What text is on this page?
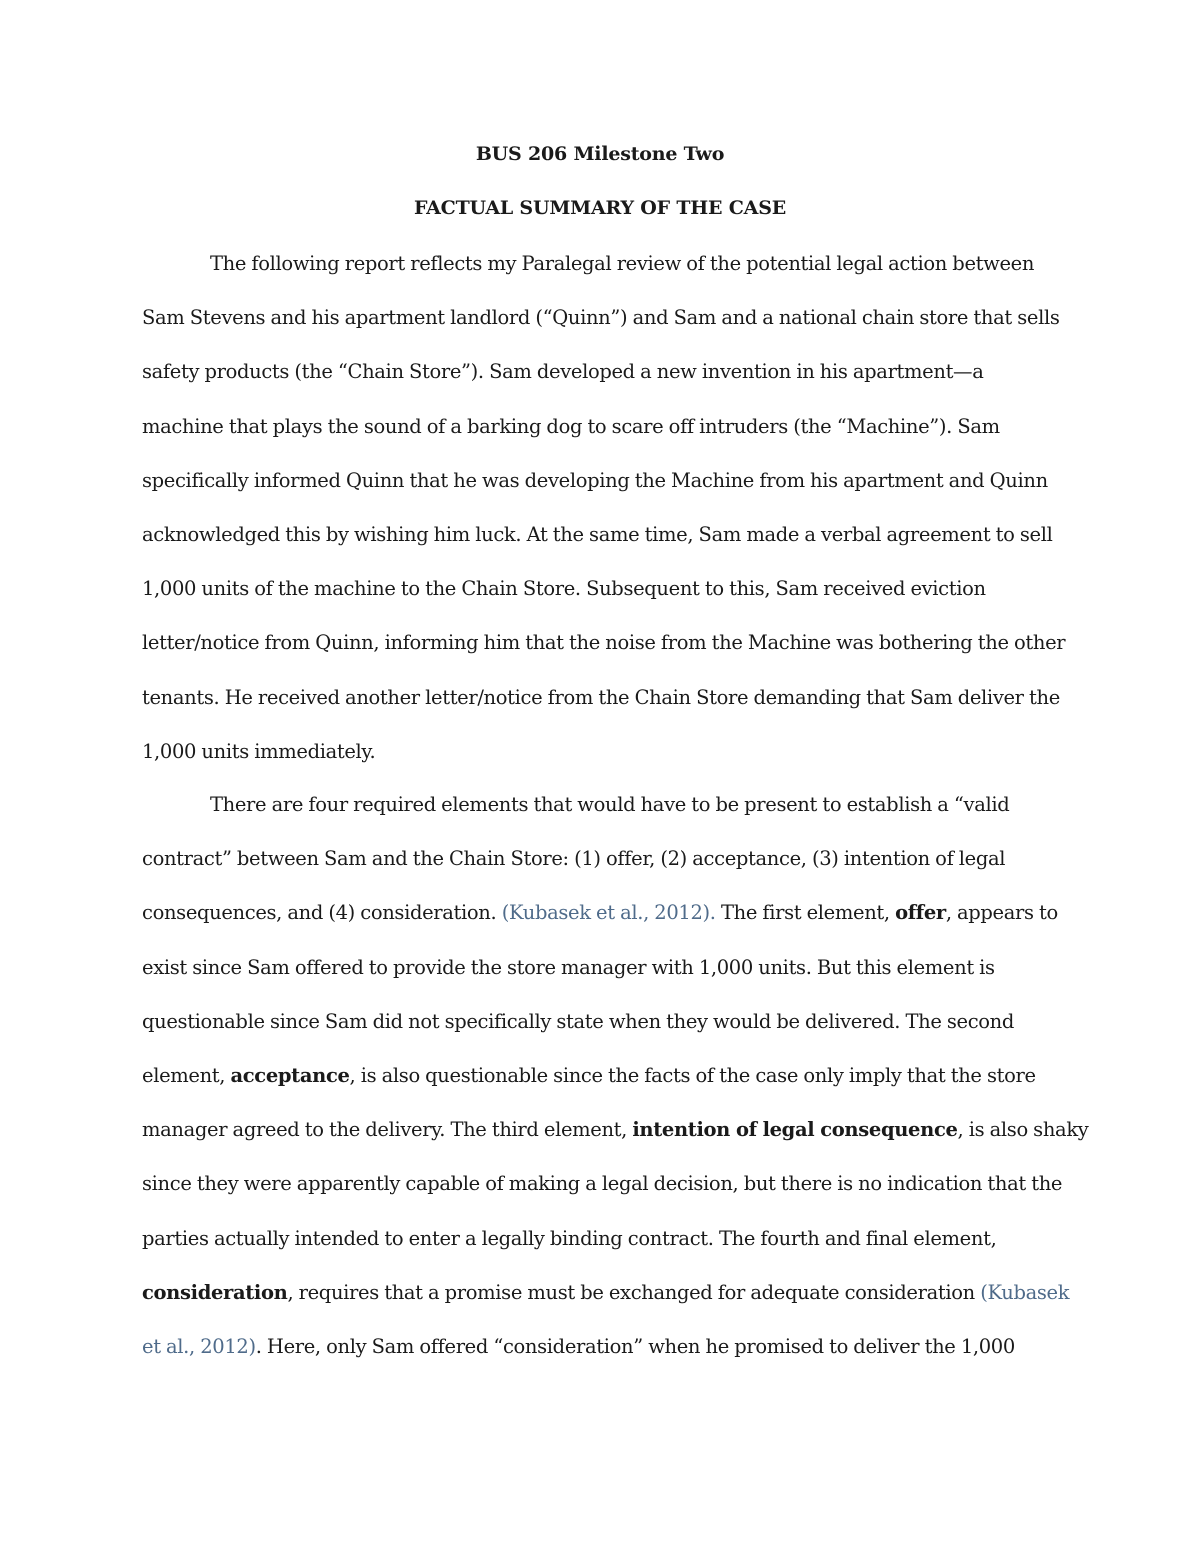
BUS 206 Milestone Two
FACTUAL SUMMARY OF THE CASE
The following report reflects my Paralegal review of the potential legal action between
Sam Stevens and his apartment landlord (“Quinn”) and Sam and a national chain store that sells
safety products (the “Chain Store”). Sam developed a new invention in his apartment—a
machine that plays the sound of a barking dog to scare off intruders (the “Machine”). Sam
specifically informed Quinn that he was developing the Machine from his apartment and Quinn
acknowledged this by wishing him luck. At the same time, Sam made a verbal agreement to sell
1,000 units of the machine to the Chain Store. Subsequent to this, Sam received eviction
letter/notice from Quinn, informing him that the noise from the Machine was bothering the other
tenants. He received another letter/notice from the Chain Store demanding that Sam deliver the
1,000 units immediately.
There are four required elements that would have to be present to establish a “valid
contract” between Sam and the Chain Store: (1) offer, (2) acceptance, (3) intention of legal
consequences, and (4) consideration. (Kubasek et al., 2012). The first element, offer, appears to
exist since Sam offered to provide the store manager with 1,000 units. But this element is
questionable since Sam did not specifically state when they would be delivered. The second
element, acceptance, is also questionable since the facts of the case only imply that the store
manager agreed to the delivery. The third element, intention of legal consequence, is also shaky
since they were apparently capable of making a legal decision, but there is no indication that the
parties actually intended to enter a legally binding contract. The fourth and final element,
consideration, requires that a promise must be exchanged for adequate consideration (Kubasek
et al., 2012). Here, only Sam offered “consideration” when he promised to deliver the 1,000
